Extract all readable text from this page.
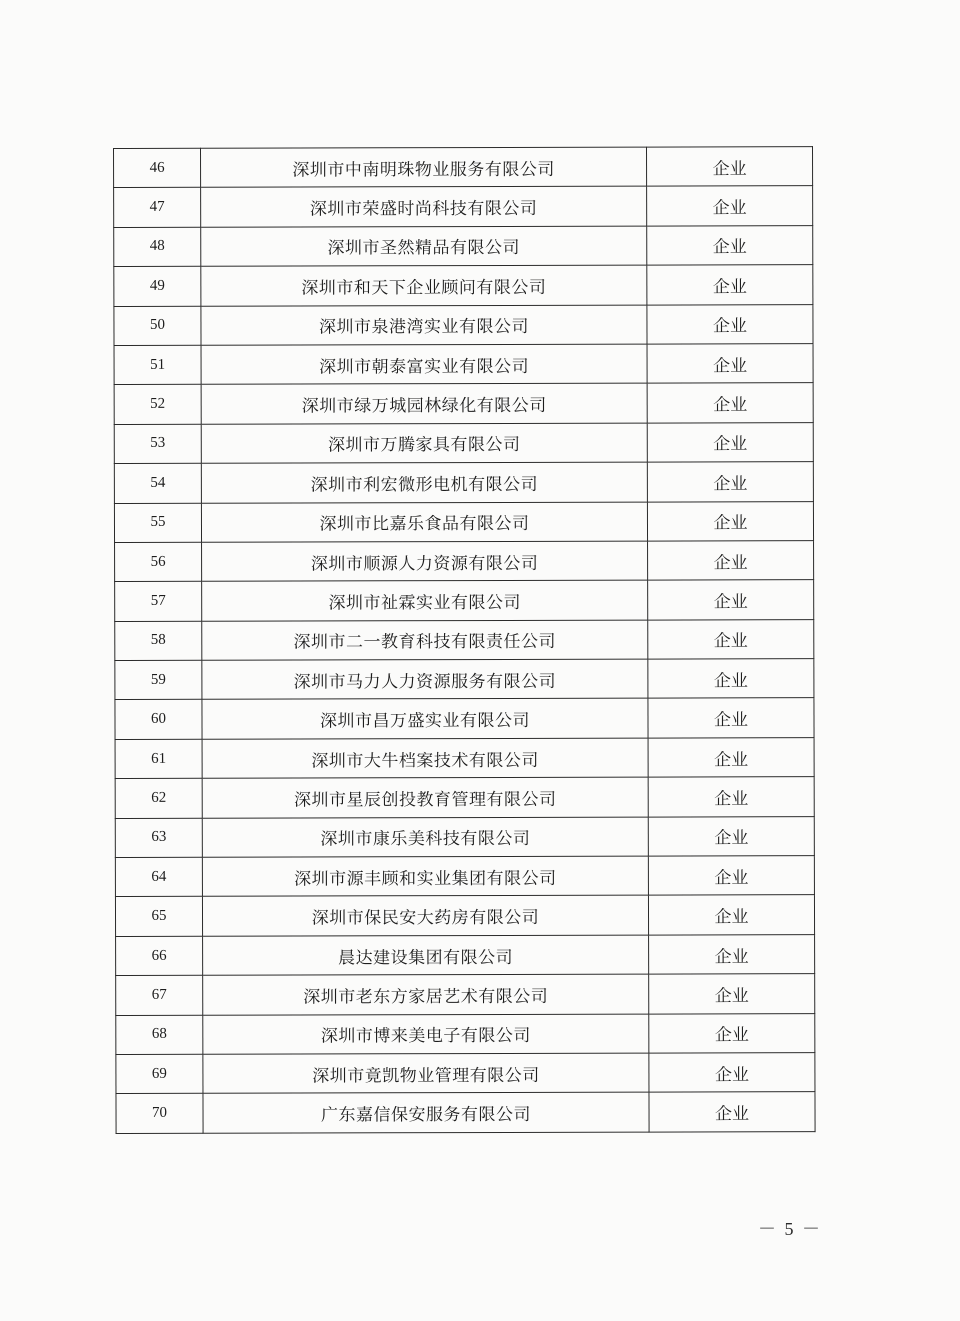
46	深圳市中南明珠物业服务有限公司	企业
47	深圳市荣盛时尚科技有限公司	企业
48	深圳市圣然精品有限公司	企业
49	深圳市和天下企业顾问有限公司	企业
50	深圳市泉港湾实业有限公司	企业
51	深圳市朝泰富实业有限公司	企业
52	深圳市绿万城园林绿化有限公司	企业
53	深圳市万腾家具有限公司	企业
54	深圳市利宏微形电机有限公司	企业
55	深圳市比嘉乐食品有限公司	企业
56	深圳市顺源人力资源有限公司	企业
57	深圳市祉霖实业有限公司	企业
58	深圳市二一教育科技有限责任公司	企业
59	深圳市马力人力资源服务有限公司	企业
60	深圳市昌万盛实业有限公司	企业
61	深圳市大牛档案技术有限公司	企业
62	深圳市星辰创投教育管理有限公司	企业
63	深圳市康乐美科技有限公司	企业
64	深圳市源丰顾和实业集团有限公司	企业
65	深圳市保民安大药房有限公司	企业
66	晨达建设集团有限公司	企业
67	深圳市老东方家居艺术有限公司	企业
68	深圳市博来美电子有限公司	企业
69	深圳市竟凯物业管理有限公司	企业
70	广东嘉信保安服务有限公司	企业
－ 5 －
